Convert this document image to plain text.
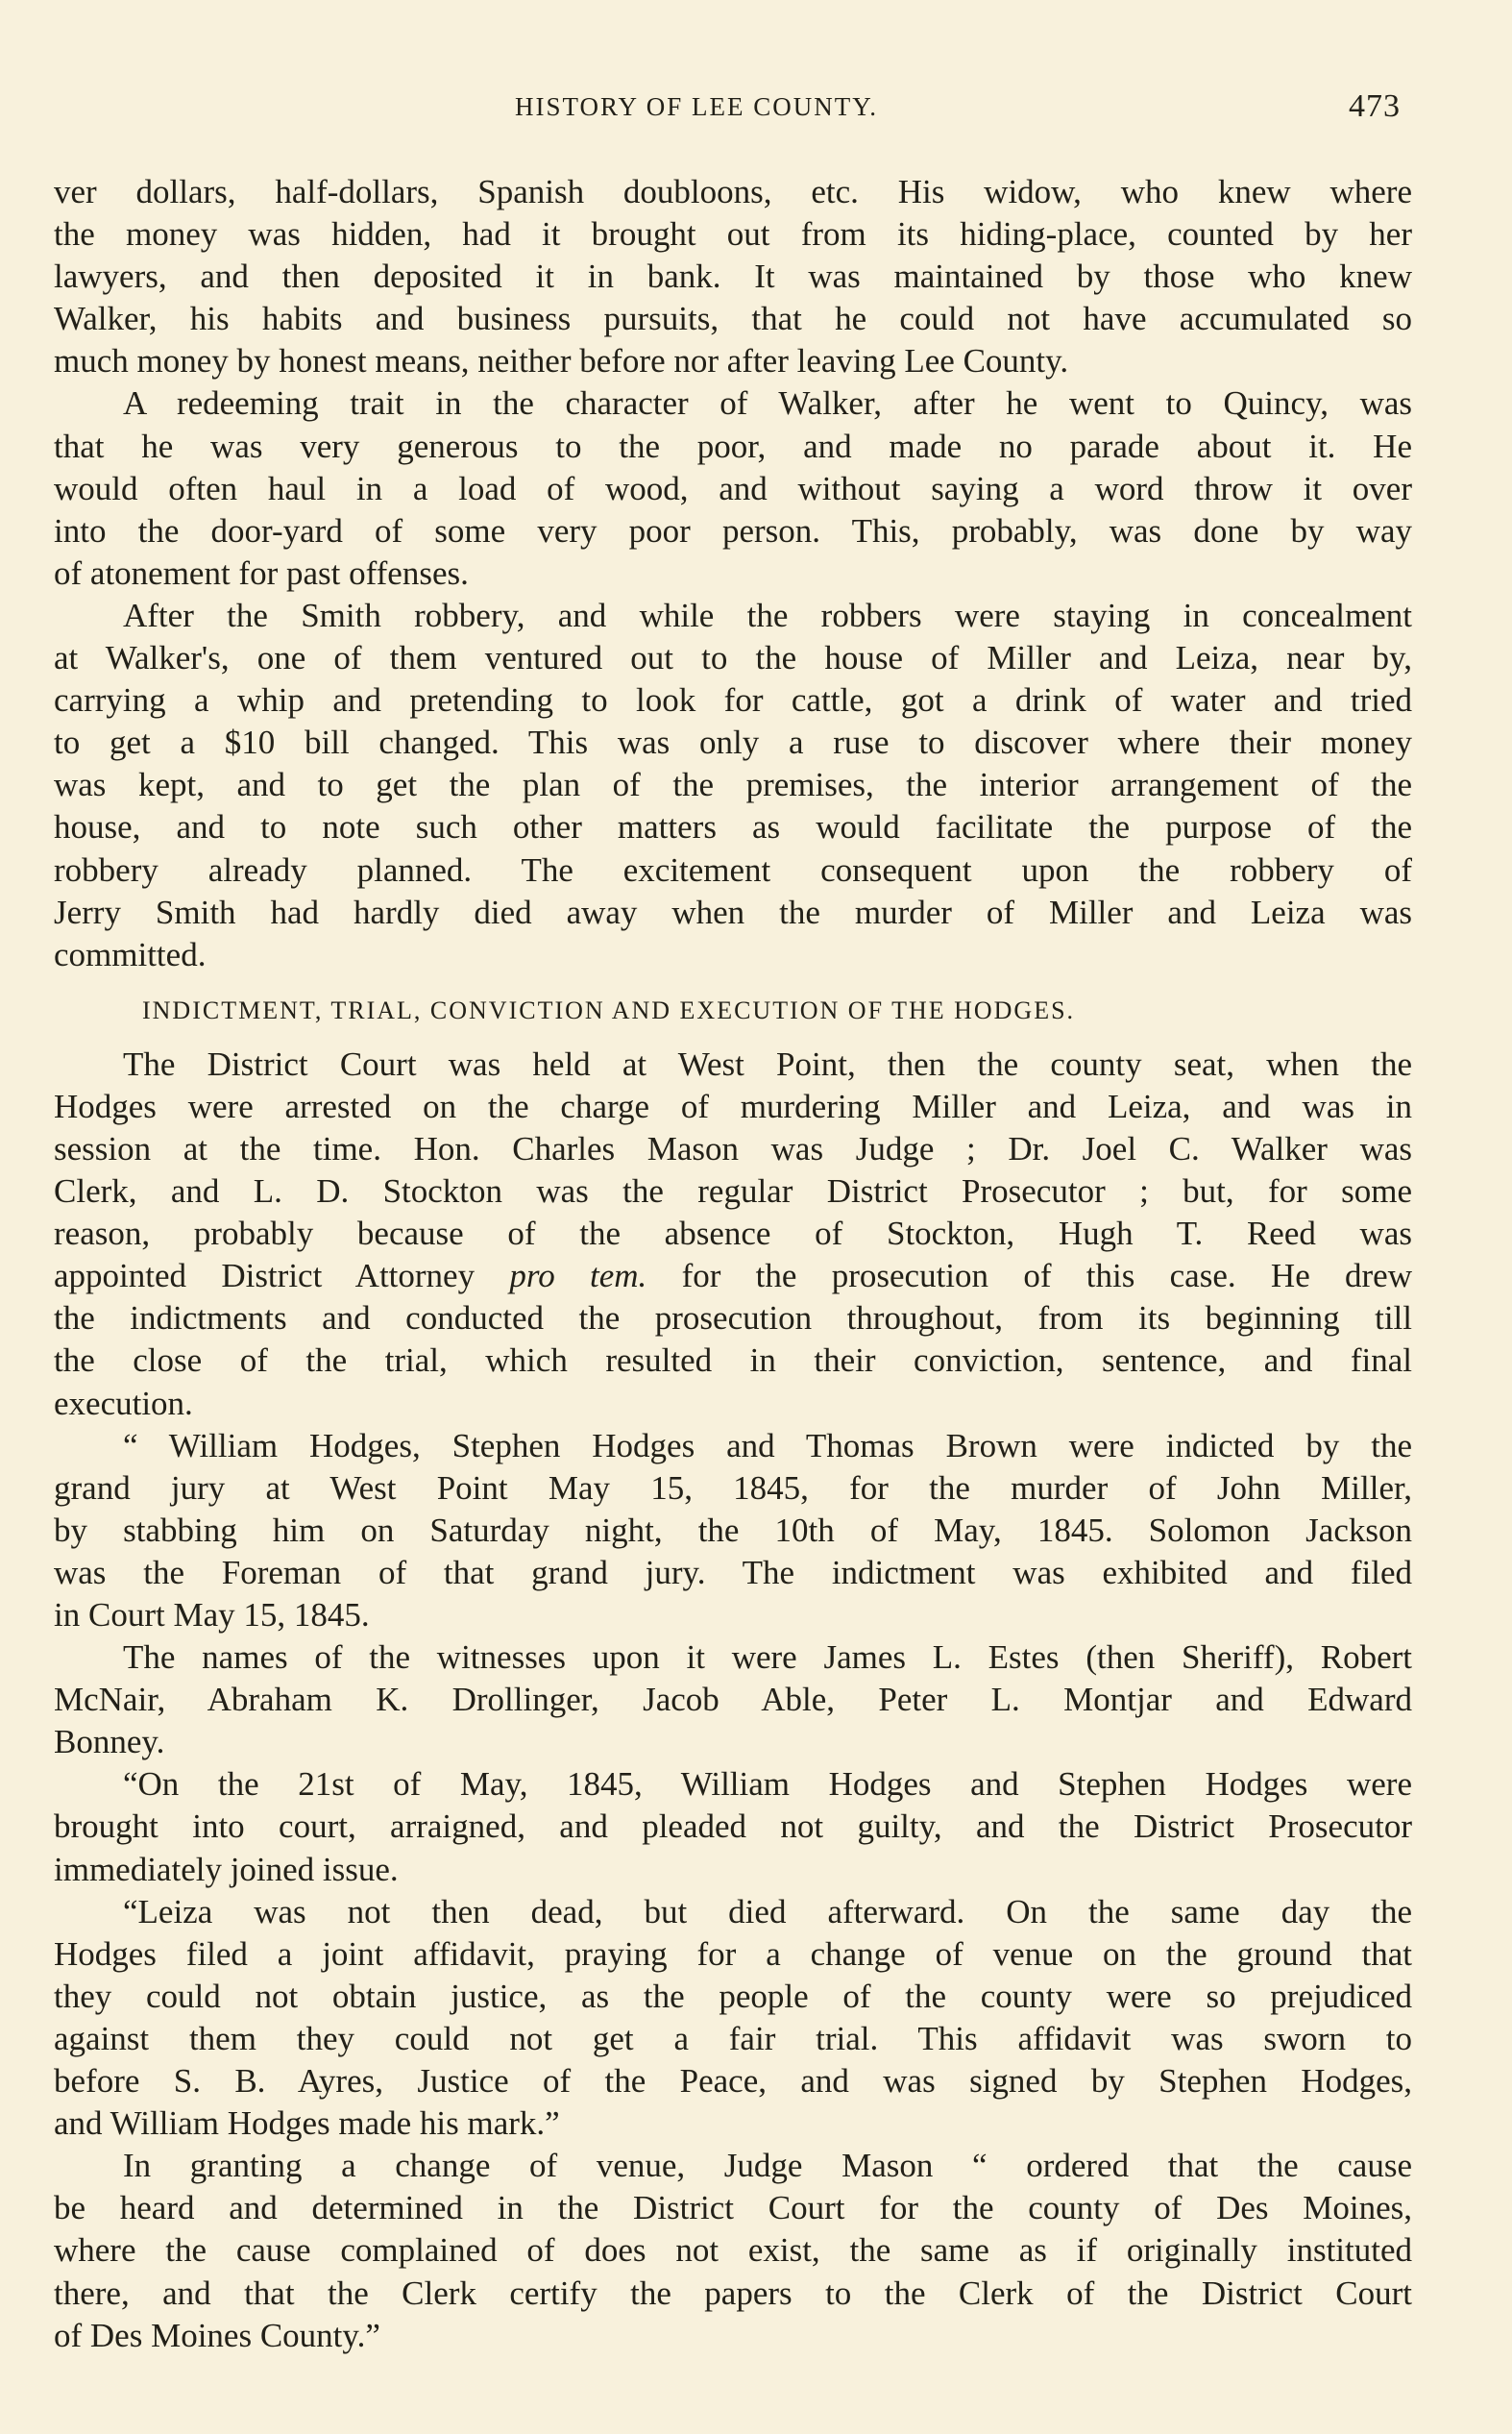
HISTORY OF LEE COUNTY.	473
ver dollars, half-dollars, Spanish doubloons, etc. His widow, who knew where
the money was hidden, had it brought out from its hiding-place, counted by her
lawyers, and then deposited it in bank. It was maintained by those who knew
Walker, his habits and business pursuits, that he could not have accumulated so
much money by honest means, neither before nor after leaving Lee County.
A redeeming trait in the character of Walker, after he went to Quincy, was
that he was very generous to the poor, and made no parade about it. He
would often haul in a load of wood, and without saying a word throw it over
into the door-yard of some very poor person. This, probably, was done by way
of atonement for past offenses.
After the Smith robbery, and while the robbers were staying in concealment
at Walker's, one of them ventured out to the house of Miller and Leiza, near by,
carrying a whip and pretending to look for cattle, got a drink of water and tried
to get a $10 bill changed. This was only a ruse to discover where their money
was kept, and to get the plan of the premises, the interior arrangement of the
house, and to note such other matters as would facilitate the purpose of the
robbery already planned. The excitement consequent upon the robbery of
Jerry Smith had hardly died away when the murder of Miller and Leiza was
committed.
INDICTMENT, TRIAL, CONVICTION AND EXECUTION OF THE HODGES.
The District Court was held at West Point, then the county seat, when the
Hodges were arrested on the charge of murdering Miller and Leiza, and was in
session at the time. Hon. Charles Mason was Judge ; Dr. Joel C. Walker was
Clerk, and L. D. Stockton was the regular District Prosecutor ; but, for some
reason, probably because of the absence of Stockton, Hugh T. Reed was
appointed District Attorney pro tem. for the prosecution of this case. He drew
the indictments and conducted the prosecution throughout, from its beginning till
the close of the trial, which resulted in their conviction, sentence, and final
execution.
“ William Hodges, Stephen Hodges and Thomas Brown were indicted by the
grand jury at West Point May 15, 1845, for the murder of John Miller,
by stabbing him on Saturday night, the 10th of May, 1845. Solomon Jackson
was the Foreman of that grand jury. The indictment was exhibited and filed
in Court May 15, 1845.
The names of the witnesses upon it were James L. Estes (then Sheriff), Robert
McNair, Abraham K. Drollinger, Jacob Able, Peter L. Montjar and Edward
Bonney.
“On the 21st of May, 1845, William Hodges and Stephen Hodges were
brought into court, arraigned, and pleaded not guilty, and the District Prosecutor
immediately joined issue.
“Leiza was not then dead, but died afterward. On the same day the
Hodges filed a joint affidavit, praying for a change of venue on the ground that
they could not obtain justice, as the people of the county were so prejudiced
against them they could not get a fair trial. This affidavit was sworn to
before S. B. Ayres, Justice of the Peace, and was signed by Stephen Hodges,
and William Hodges made his mark.”
In granting a change of venue, Judge Mason “ ordered that the cause
be heard and determined in the District Court for the county of Des Moines,
where the cause complained of does not exist, the same as if originally instituted
there, and that the Clerk certify the papers to the Clerk of the District Court
of Des Moines County.”
